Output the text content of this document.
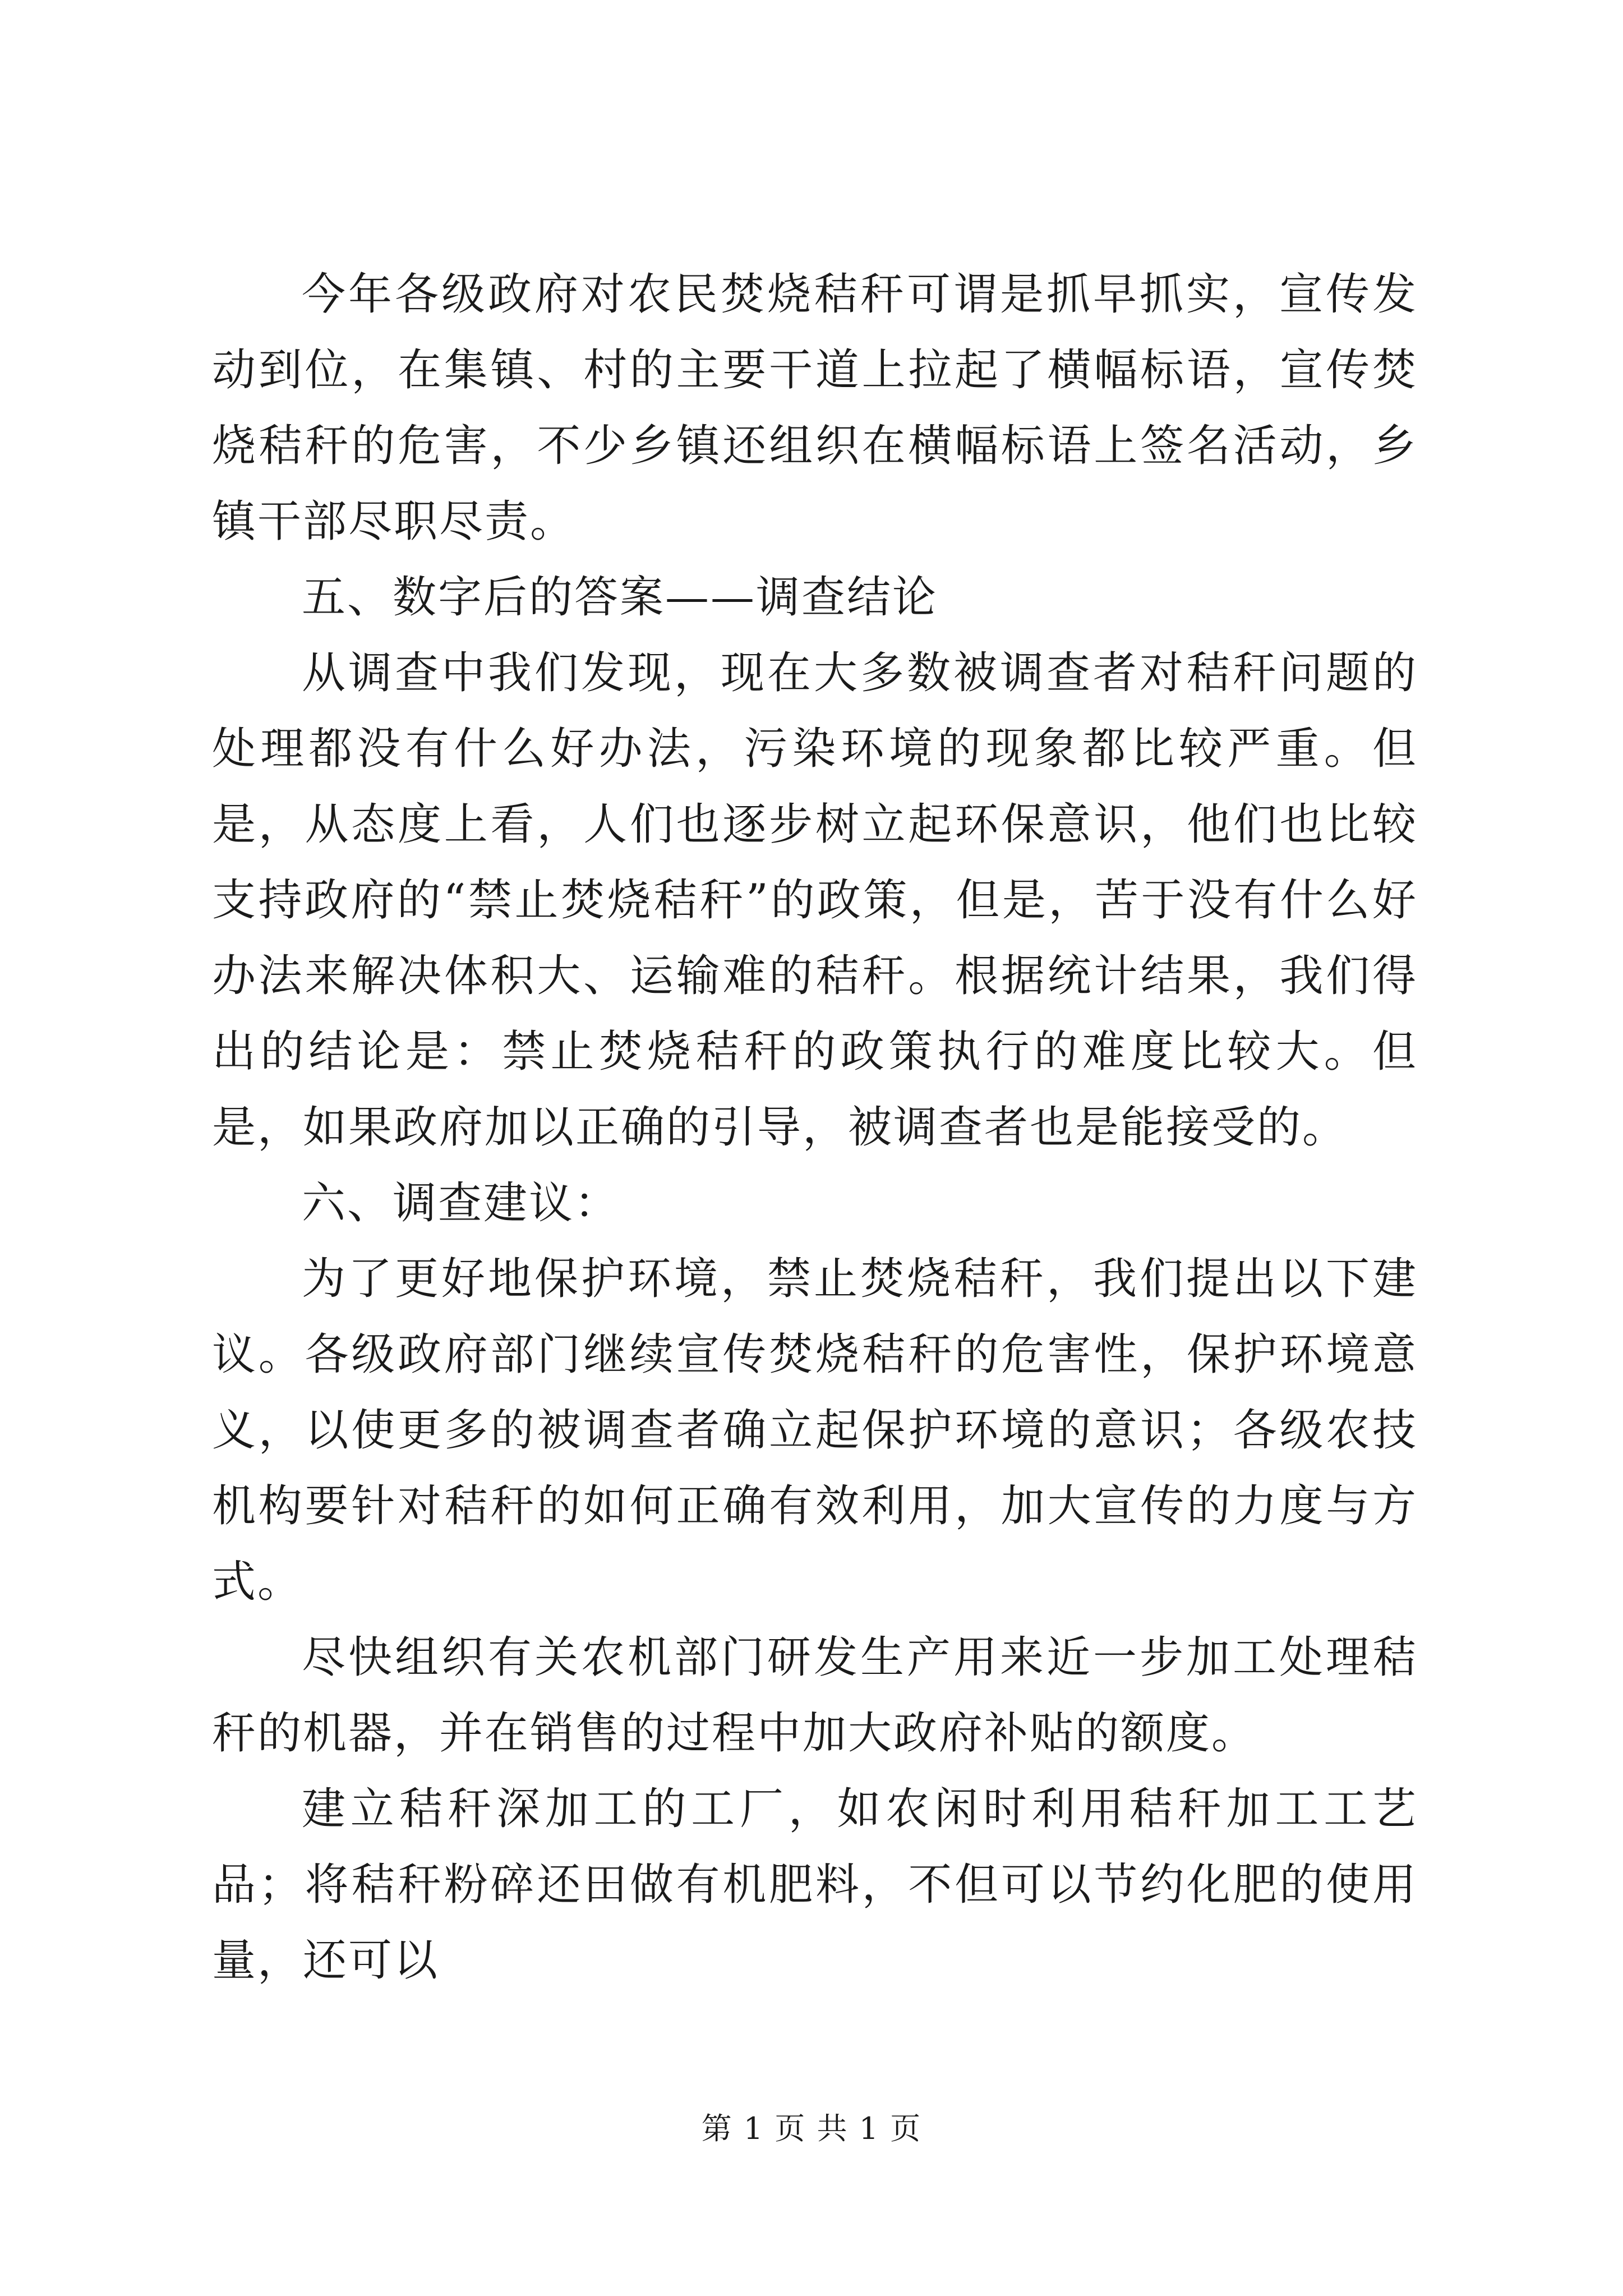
今年各级政府对农民焚烧秸秆可谓是抓早抓实，宣传发动到位，在集镇、村的主要干道上拉起了横幅标语，宣传焚烧秸秆的危害，不少乡镇还组织在横幅标语上签名活动，乡镇干部尽职尽责。

五、数字后的答案——调查结论

从调查中我们发现，现在大多数被调查者对秸秆问题的处理都没有什么好办法，污染环境的现象都比较严重。但是，从态度上看，人们也逐步树立起环保意识，他们也比较支持政府的“禁止焚烧秸秆”的政策，但是，苦于没有什么好办法来解决体积大、运输难的秸秆。根据统计结果，我们得出的结论是：禁止焚烧秸秆的政策执行的难度比较大。但是，如果政府加以正确的引导，被调查者也是能接受的。

六、调查建议：

为了更好地保护环境，禁止焚烧秸秆，我们提出以下建议。各级政府部门继续宣传焚烧秸秆的危害性，保护环境意义，以使更多的被调查者确立起保护环境的意识；各级农技机构要针对秸秆的如何正确有效利用，加大宣传的力度与方式。

尽快组织有关农机部门研发生产用来近一步加工处理秸秆的机器，并在销售的过程中加大政府补贴的额度。

建立秸秆深加工的工厂，如农闲时利用秸秆加工工艺品；将秸秆粉碎还田做有机肥料，不但可以节约化肥的使用量，还可以

第 1 页 共 1 页
